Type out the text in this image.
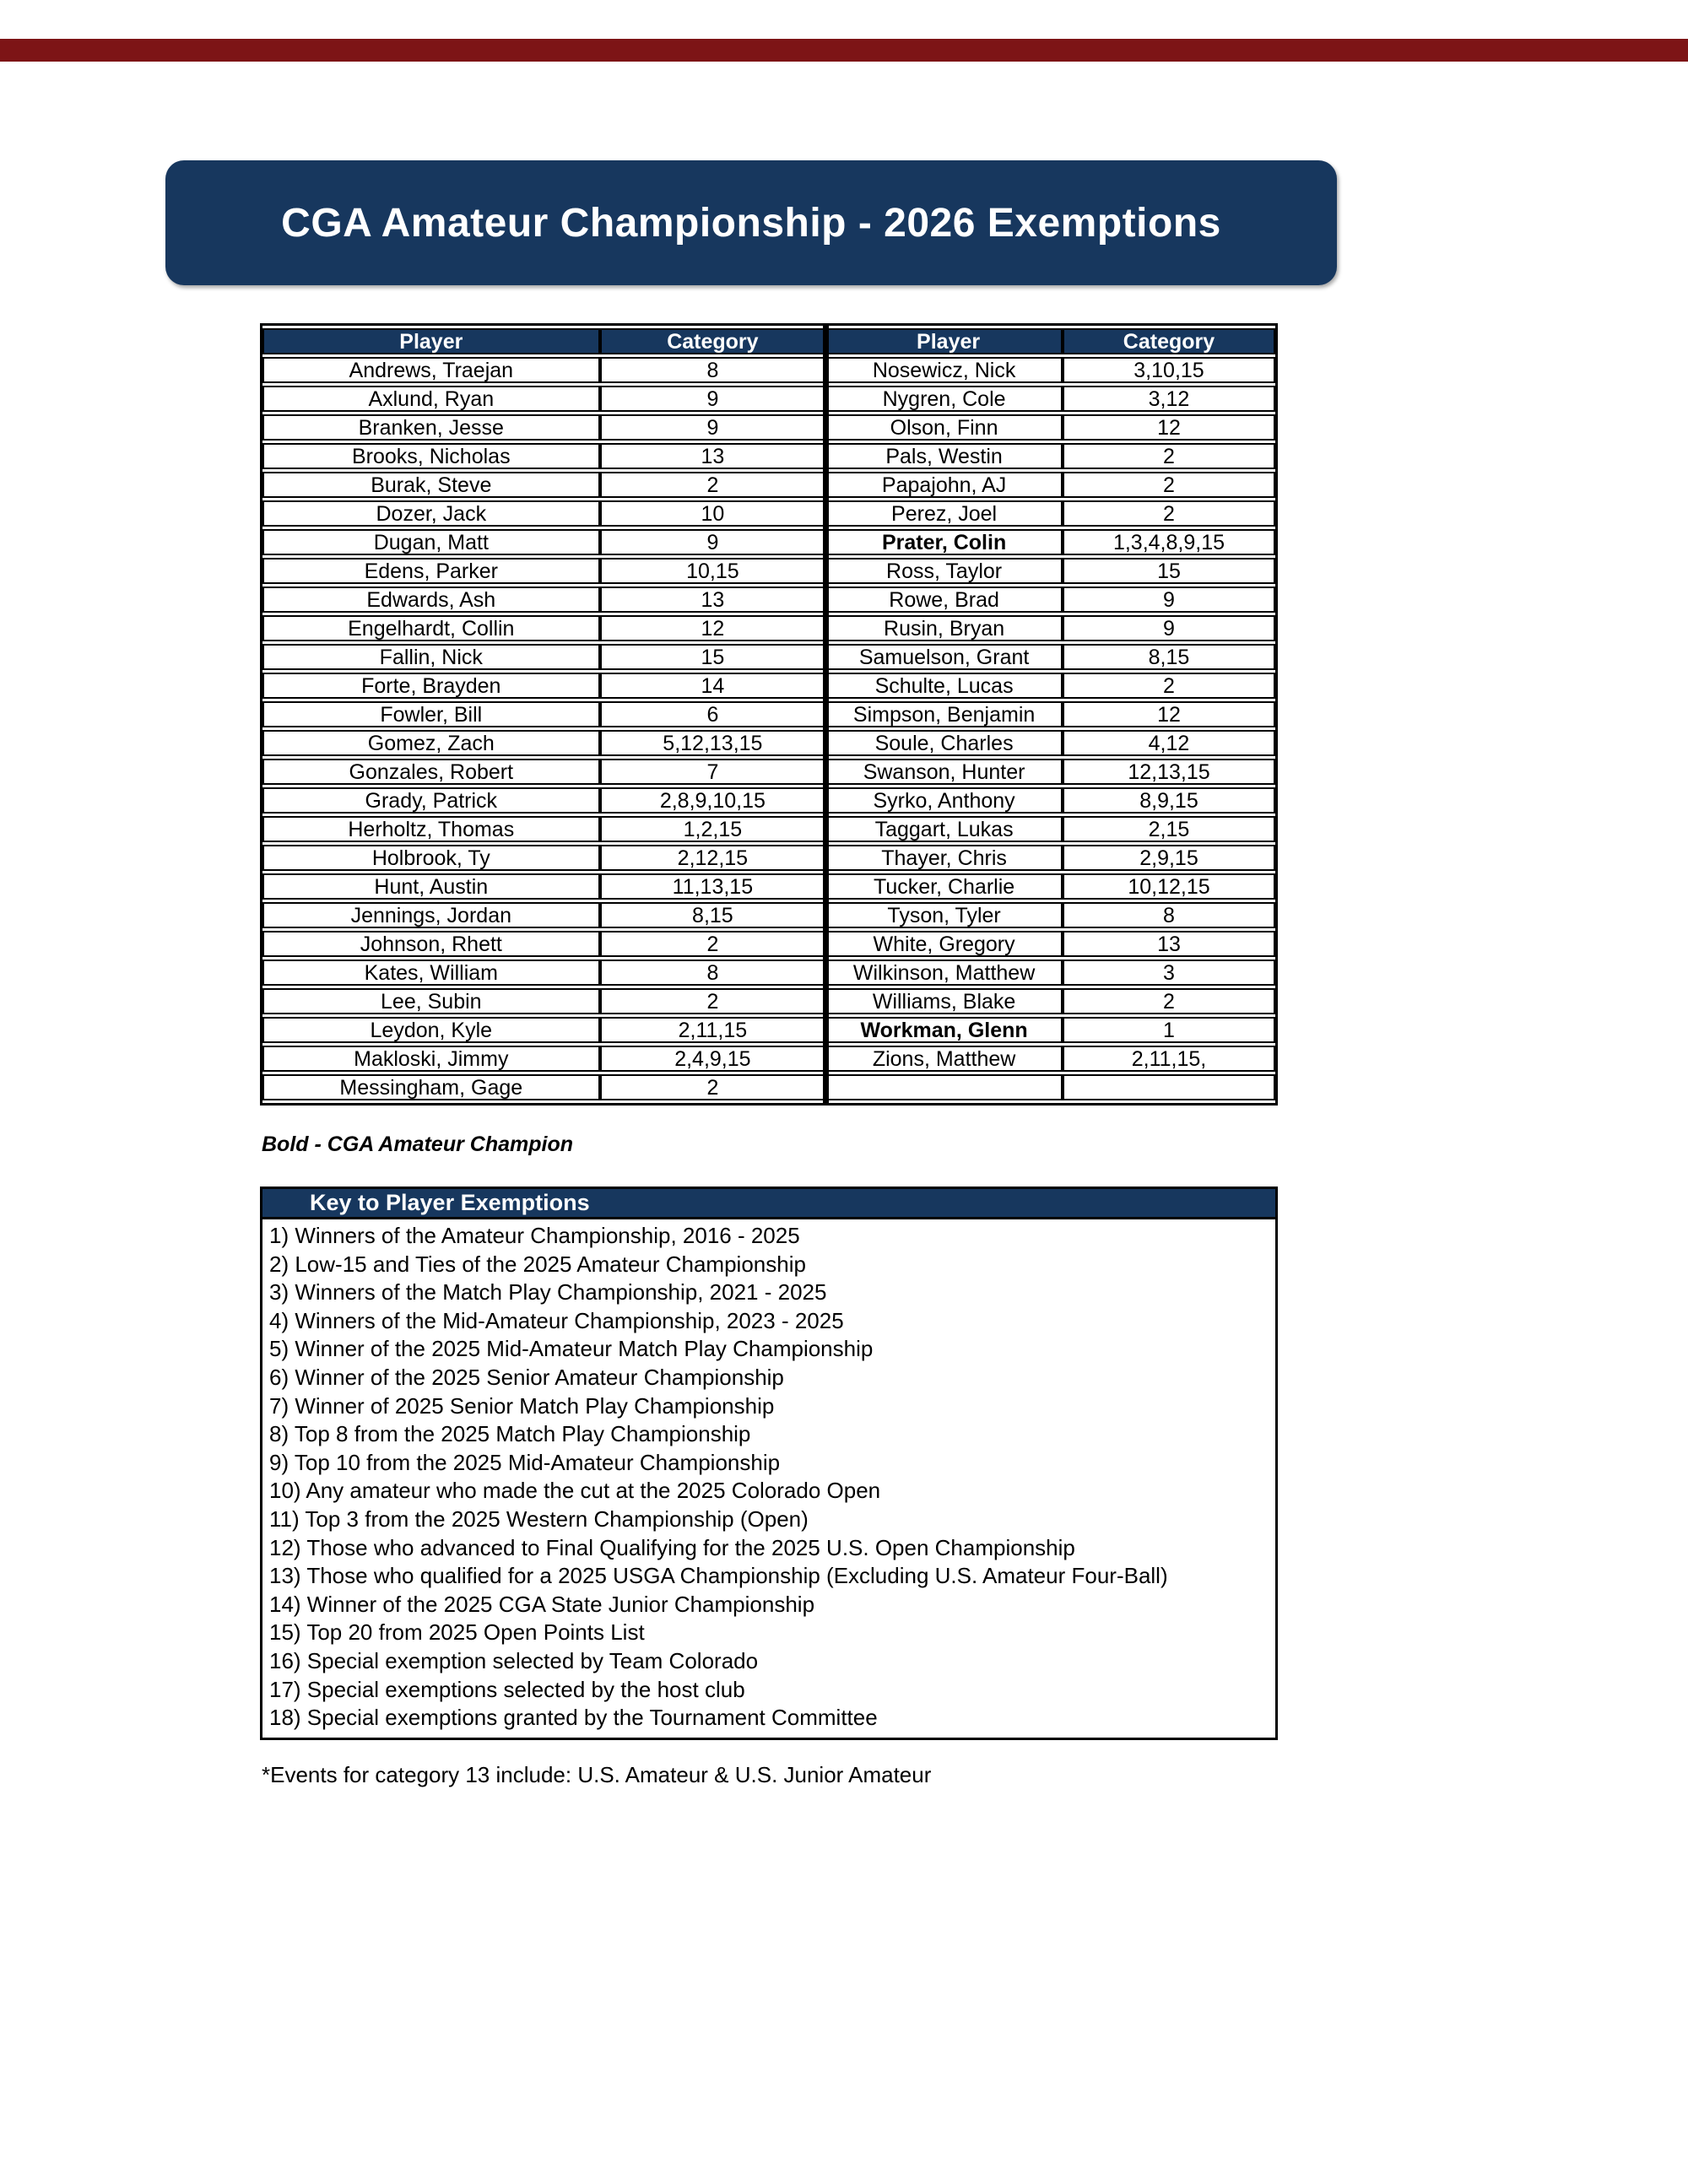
CGA Amateur Championship - 2026 Exemptions
Player	Category	Player	Category
Andrews, Traejan	8	Nosewicz, Nick	3,10,15
Axlund, Ryan	9	Nygren, Cole	3,12
Branken, Jesse	9	Olson, Finn	12
Brooks, Nicholas	13	Pals, Westin	2
Burak, Steve	2	Papajohn, AJ	2
Dozer, Jack	10	Perez, Joel	2
Dugan, Matt	9	Prater, Colin	1,3,4,8,9,15
Edens, Parker	10,15	Ross, Taylor	15
Edwards, Ash	13	Rowe, Brad	9
Engelhardt, Collin	12	Rusin, Bryan	9
Fallin, Nick	15	Samuelson, Grant	8,15
Forte, Brayden	14	Schulte, Lucas	2
Fowler, Bill	6	Simpson, Benjamin	12
Gomez, Zach	5,12,13,15	Soule, Charles	4,12
Gonzales, Robert	7	Swanson, Hunter	12,13,15
Grady, Patrick	2,8,9,10,15	Syrko, Anthony	8,9,15
Herholtz, Thomas	1,2,15	Taggart, Lukas	2,15
Holbrook, Ty	2,12,15	Thayer, Chris	2,9,15
Hunt, Austin	11,13,15	Tucker, Charlie	10,12,15
Jennings, Jordan	8,15	Tyson, Tyler	8
Johnson, Rhett	2	White, Gregory	13
Kates, William	8	Wilkinson, Matthew	3
Lee, Subin	2	Williams, Blake	2
Leydon, Kyle	2,11,15	Workman, Glenn	1
Makloski, Jimmy	2,4,9,15	Zions, Matthew	2,11,15,
Messingham, Gage	2		
Bold - CGA Amateur Champion
Key to Player Exemptions
1) Winners of the Amateur Championship, 2016 - 2025
2) Low-15 and Ties of the 2025 Amateur Championship
3) Winners of the Match Play Championship, 2021 - 2025
4) Winners of the Mid-Amateur Championship, 2023 - 2025
5) Winner of the 2025 Mid-Amateur Match Play Championship
6) Winner of the 2025 Senior Amateur Championship
7) Winner of 2025 Senior Match Play Championship
8) Top 8 from the 2025 Match Play Championship
9) Top 10 from the 2025 Mid-Amateur Championship
10) Any amateur who made the cut at the 2025 Colorado Open
11) Top 3 from the 2025 Western Championship (Open)
12) Those who advanced to Final Qualifying for the 2025 U.S. Open Championship
13) Those who qualified for a 2025 USGA Championship (Excluding U.S. Amateur Four-Ball)
14) Winner of the 2025 CGA State Junior Championship
15) Top 20 from 2025 Open Points List
16) Special exemption selected by Team Colorado
17) Special exemptions selected by the host club
18) Special exemptions granted by the Tournament Committee
*Events for category 13 include: U.S. Amateur & U.S. Junior Amateur
